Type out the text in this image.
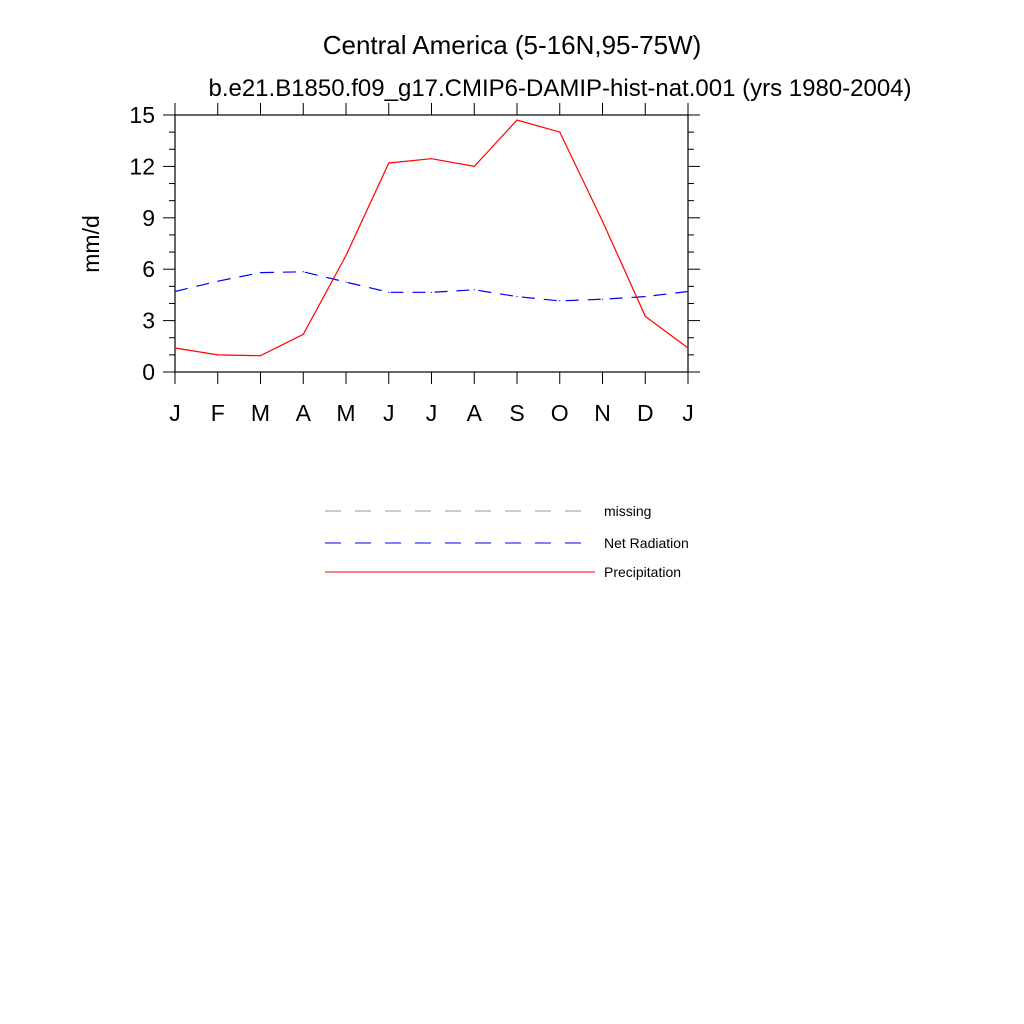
Central America (5-16N,95-75W)
b.e21.B1850.f09_g17.CMIP6-DAMIP-hist-nat.001 (yrs 1980-2004)
mm/d
0
3
6
9
12
15
J F M A M J J A S O N D J
missing
Net Radiation
Precipitation
